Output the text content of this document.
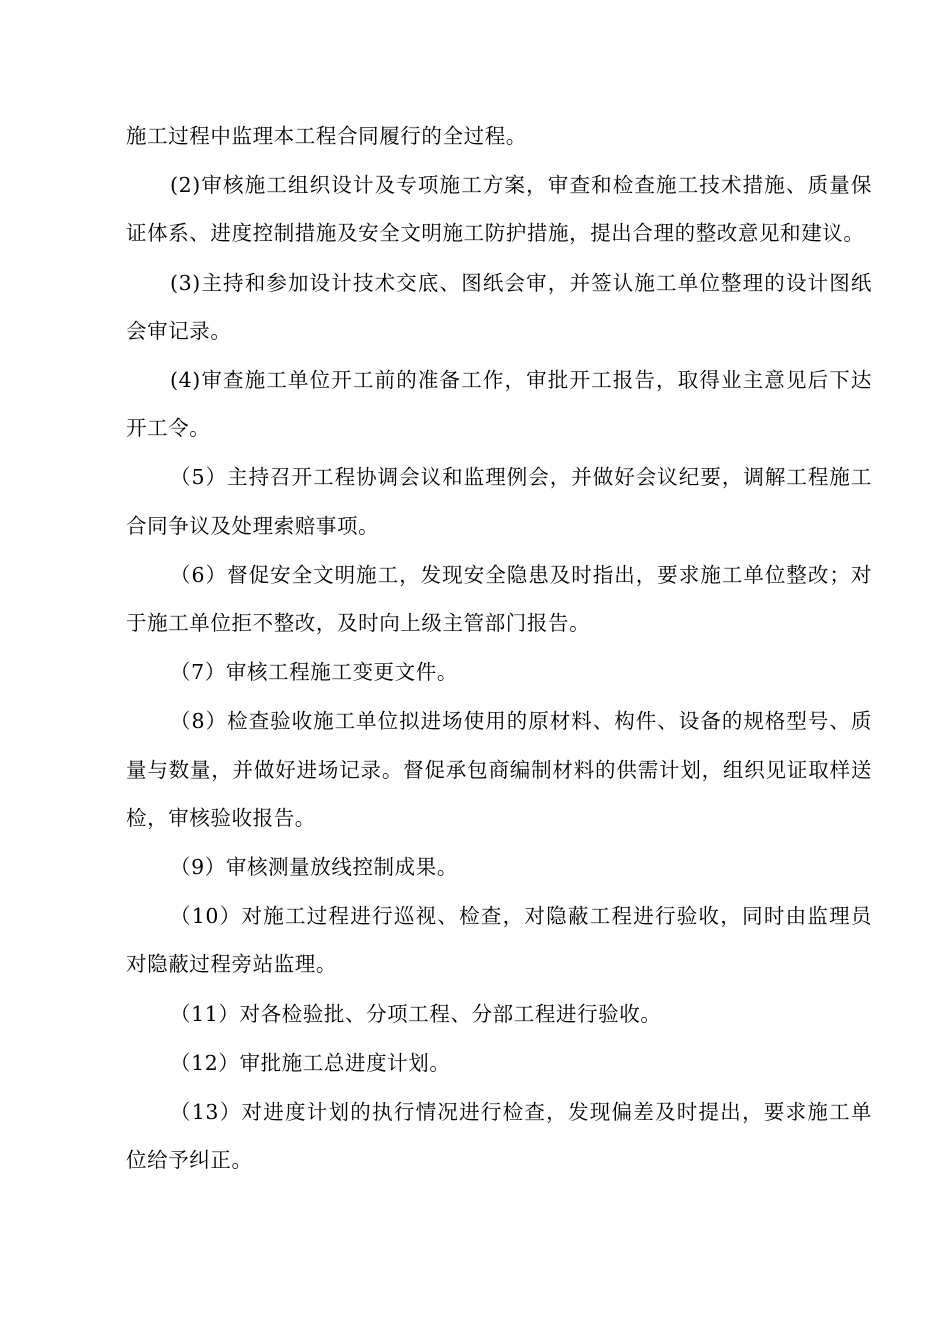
施工过程中监理本工程合同履行的全过程。

(2)审核施工组织设计及专项施工方案，审查和检查施工技术措施、质量保证体系、进度控制措施及安全文明施工防护措施，提出合理的整改意见和建议。

(3)主持和参加设计技术交底、图纸会审，并签认施工单位整理的设计图纸会审记录。

(4)审查施工单位开工前的准备工作，审批开工报告，取得业主意见后下达开工令。

（5）主持召开工程协调会议和监理例会，并做好会议纪要，调解工程施工合同争议及处理索赔事项。

（6）督促安全文明施工，发现安全隐患及时指出，要求施工单位整改；对于施工单位拒不整改，及时向上级主管部门报告。

（7）审核工程施工变更文件。

（8）检查验收施工单位拟进场使用的原材料、构件、设备的规格型号、质量与数量，并做好进场记录。督促承包商编制材料的供需计划，组织见证取样送检，审核验收报告。

（9）审核测量放线控制成果。

（10）对施工过程进行巡视、检查，对隐蔽工程进行验收，同时由监理员对隐蔽过程旁站监理。

（11）对各检验批、分项工程、分部工程进行验收。

（12）审批施工总进度计划。

（13）对进度计划的执行情况进行检查，发现偏差及时提出，要求施工单位给予纠正。
